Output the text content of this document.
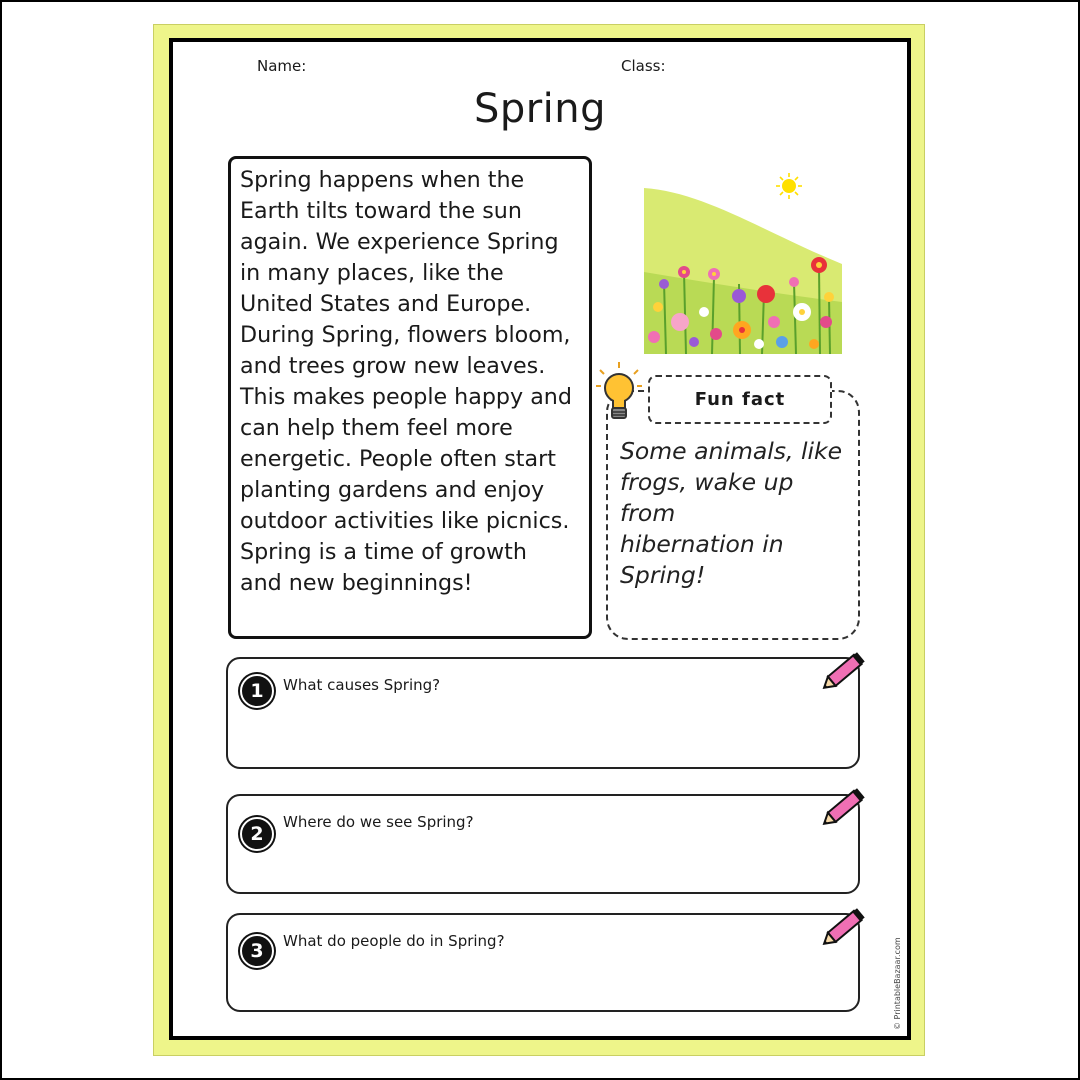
Name:	Class:
Spring
Spring happens when the
Earth tilts toward the sun
again. We experience Spring
in many places, like the
United States and Europe.
During Spring, flowers bloom,
and trees grow new leaves.
This makes people happy and
can help them feel more
energetic. People often start
planting gardens and enjoy
outdoor activities like picnics.
Spring is a time of growth
and new beginnings!
Fun fact
Some animals, like
frogs, wake up from
hibernation in
Spring!
1	What causes Spring?
2
Where do we see Spring?
3	What do people do in Spring?	© PrintableBazaar.com
